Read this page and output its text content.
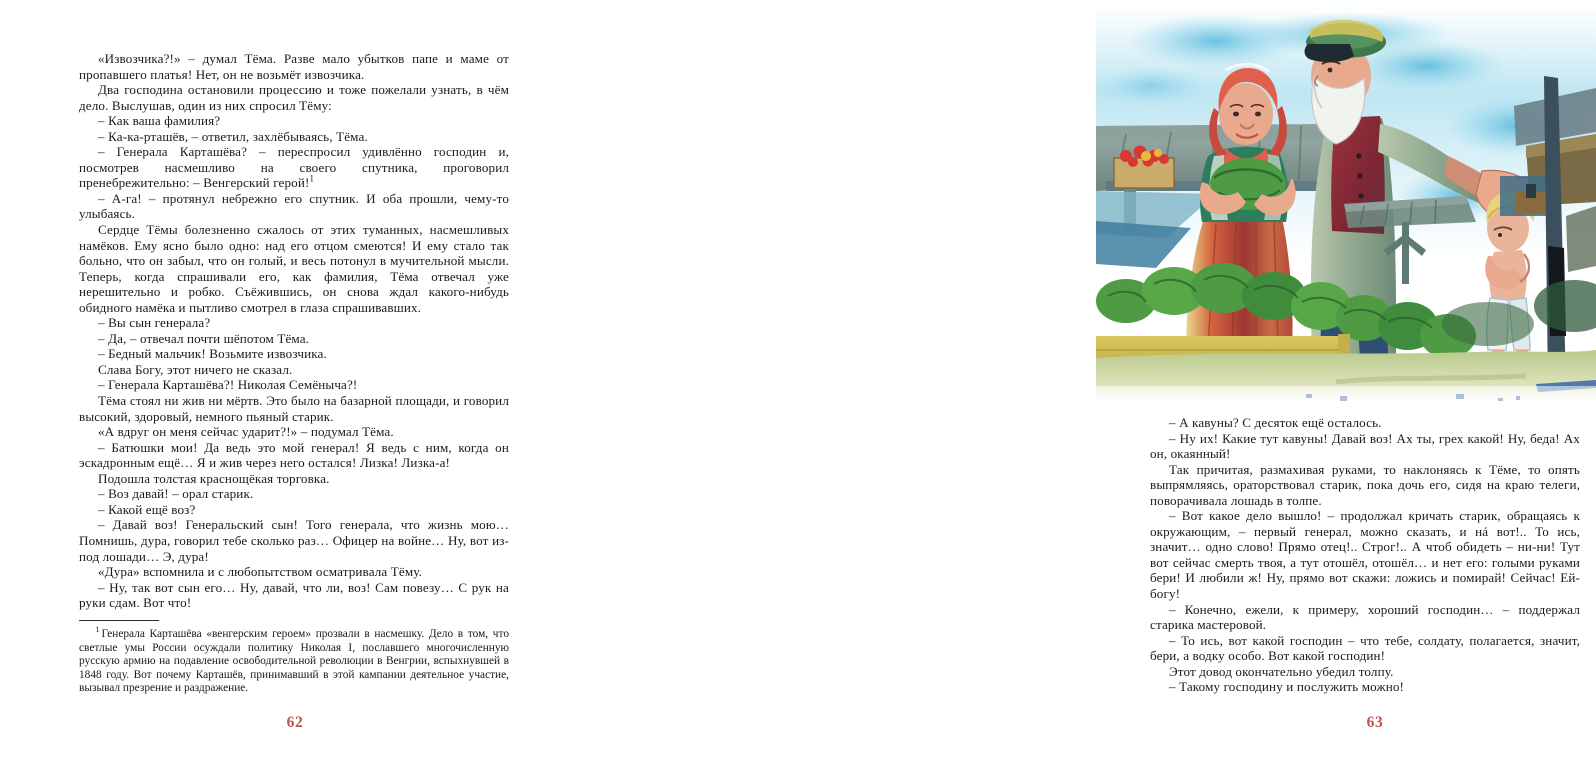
«Извозчика?!» – думал Тёма. Разве мало убытков папе и маме от пропавшего платья! Нет, он не возьмёт извозчика.

Два господина остановили процессию и тоже пожелали узнать, в чём дело. Выслушав, один из них спросил Тёму:

– Как ваша фамилия?

– Ка-ка-рташёв, – ответил, захлёбываясь, Тёма.

– Генерала Карташёва? – переспросил удивлённо господин и, посмотрев насмешливо на своего спутника, проговорил пренебрежительно: – Венгерский герой!$^1$

– А-га! – протянул небрежно его спутник. И оба прошли, чему-то улыбаясь.

Сердце Тёмы болезненно сжалось от этих туманных, насмешливых намёков. Ему ясно было одно: над его отцом смеются! И ему стало так больно, что он забыл, что он голый, и весь потонул в мучительной мысли. Теперь, когда спрашивали его, как фамилия, Тёма отвечал уже нерешительно и робко. Съёжившись, он снова ждал какого-нибудь обидного намёка и пытливо смотрел в глаза спрашивавших.

– Вы сын генерала?

– Да, – отвечал почти шёпотом Тёма.

– Бедный мальчик! Возьмите извозчика.

Слава Богу, этот ничего не сказал.

– Генерала Карташёва?! Николая Семёныча?!

Тёма стоял ни жив ни мёртв. Это было на базарной площади, и говорил высокий, здоровый, немного пьяный старик.

«А вдруг он меня сейчас ударит?!» – подумал Тёма.

– Батюшки мои! Да ведь это мой генерал! Я ведь с ним, когда он эскадронным ещё… Я и жив через него остался! Лизка! Лизка-а!

Подошла толстая краснощёкая торговка.

– Воз давай! – орал старик.

– Какой ещё воз?

– Давай воз! Генеральский сын! Того генерала, что жизнь мою… Помнишь, дура, говорил тебе сколько раз… Офицер на войне… Ну, вот из-под лошади… Э, дура!

«Дура» вспомнила и с любопытством осматривала Тёму.

– Ну, так вот сын его… Ну, давай, что ли, воз! Сам повезу… С рук на руки сдам. Вот что!

$^1$ Генерала Карташёва «венгерским героем» прозвали в насмешку. Дело в том, что светлые умы России осуждали политику Николая I, пославшего многочисленную русскую армию на подавление освободительной революции в Венгрии, вспыхнувшей в 1848 году. Вот почему Карташёв, принимавший в этой кампании деятельное участие, вызывал презрение и раздражение.

62

– А кавуны? С десяток ещё осталось.

– Ну их! Какие тут кавуны! Давай воз! Ах ты, грех какой! Ну, беда! Ах он, окаянный!

Так причитая, размахивая руками, то наклоняясь к Тёме, то опять выпрямляясь, ораторствовал старик, пока дочь его, сидя на краю телеги, поворачивала лошадь в толпе.

– Вот какое дело вышло! – продолжал кричать старик, обращаясь к окружающим, – первый генерал, можно сказать, и нá вот!.. То ись, значит… одно слово! Прямо отец!.. Строг!.. А чтоб обидеть – ни-ни! Тут вот сейчас смерть твоя, а тут отошёл, отошёл… и нет его: голыми руками бери! И любили ж! Ну, прямо вот скажи: ложись и помирай! Сейчас! Ей-богу!

– Конечно, ежели, к примеру, хороший господин… – поддержал старика мастеровой.

– То ись, вот какой господин – что тебе, солдату, полагается, значит, бери, а водку особо. Вот какой господин!

Этот довод окончательно убедил толпу.

– Такому господину и послужить можно!

63
